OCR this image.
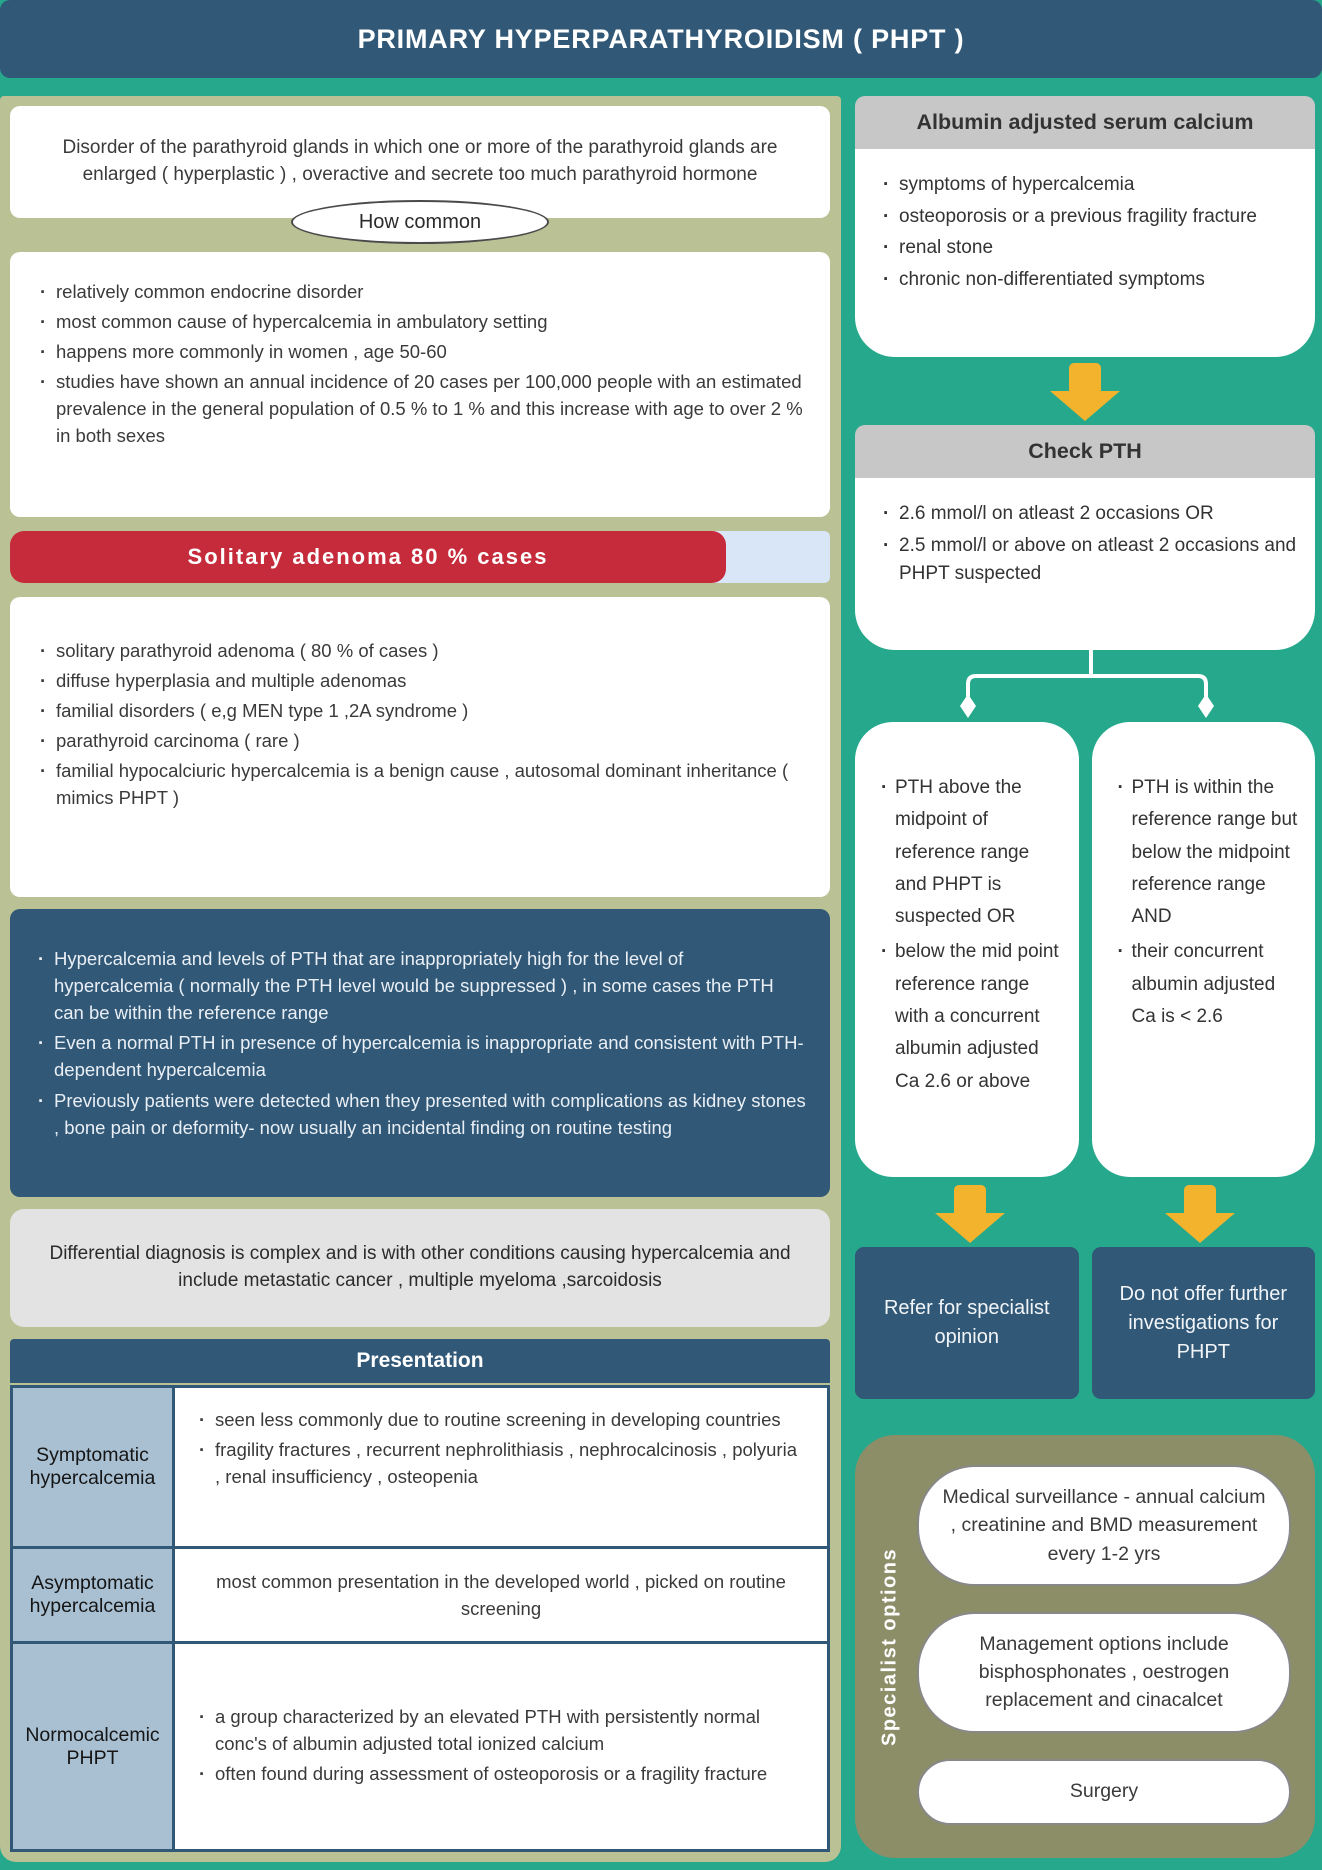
PRIMARY HYPERPARATHYROIDISM ( PHPT )
Disorder of the parathyroid glands in which one or more of the parathyroid glands are enlarged ( hyperplastic ) , overactive and secrete too much parathyroid hormone
How common
· relatively common endocrine disorder
· most common cause of hypercalcemia in ambulatory setting
· happens more commonly in women , age 50-60
· studies have shown an annual incidence of 20 cases per 100,000 people with an estimated prevalence in the general population of 0.5 % to 1 % and this increase with age to over 2 % in both sexes
Solitary adenoma 80 % cases
· solitary parathyroid adenoma ( 80 % of cases )
· diffuse hyperplasia and multiple adenomas
· familial disorders ( e,g MEN type 1 ,2A syndrome )
· parathyroid carcinoma ( rare )
· familial hypocalciuric hypercalcemia is a benign cause , autosomal dominant inheritance ( mimics PHPT )
· Hypercalcemia and levels of PTH that are inappropriately high for the level of hypercalcemia ( normally the PTH level would be suppressed ) , in some cases the PTH can be within the reference range
· Even a normal PTH in presence of hypercalcemia is inappropriate and consistent with PTH-dependent hypercalcemia
· Previously patients were detected when they presented with complications as kidney stones , bone pain or deformity- now usually an incidental finding on routine testing
Differential diagnosis is complex and is with other conditions causing hypercalcemia and include metastatic cancer , multiple myeloma ,sarcoidosis
Presentation
Symptomatic hypercalcemia
· seen less commonly due to routine screening in developing countries
· fragility fractures , recurrent nephrolithiasis , nephrocalcinosis , polyuria , renal insufficiency , osteopenia
Asymptomatic hypercalcemia
most common presentation in the developed world , picked on routine screening
Normocalcemic PHPT
· a group characterized by an elevated PTH with persistently normal conc's of albumin adjusted total ionized calcium
· often found during assessment of osteoporosis or a fragility fracture
Albumin adjusted serum calcium
· symptoms of hypercalcemia
· osteoporosis or a previous fragility fracture
· renal stone
· chronic non-differentiated symptoms
Check PTH
· 2.6 mmol/l on atleast 2 occasions OR
· 2.5 mmol/l or above on atleast 2 occasions and PHPT suspected
· PTH above the midpoint of reference range and PHPT is suspected OR
· below the mid point reference range with a concurrent albumin adjusted Ca 2.6 or above
· PTH is within the reference range but below the midpoint reference range AND
· their concurrent albumin adjusted Ca is < 2.6
Refer for specialist opinion
Do not offer further investigations for PHPT
Specialist options
Medical surveillance - annual calcium , creatinine and BMD measurement every 1-2 yrs
Management options include bisphosphonates , oestrogen replacement and cinacalcet
Surgery
